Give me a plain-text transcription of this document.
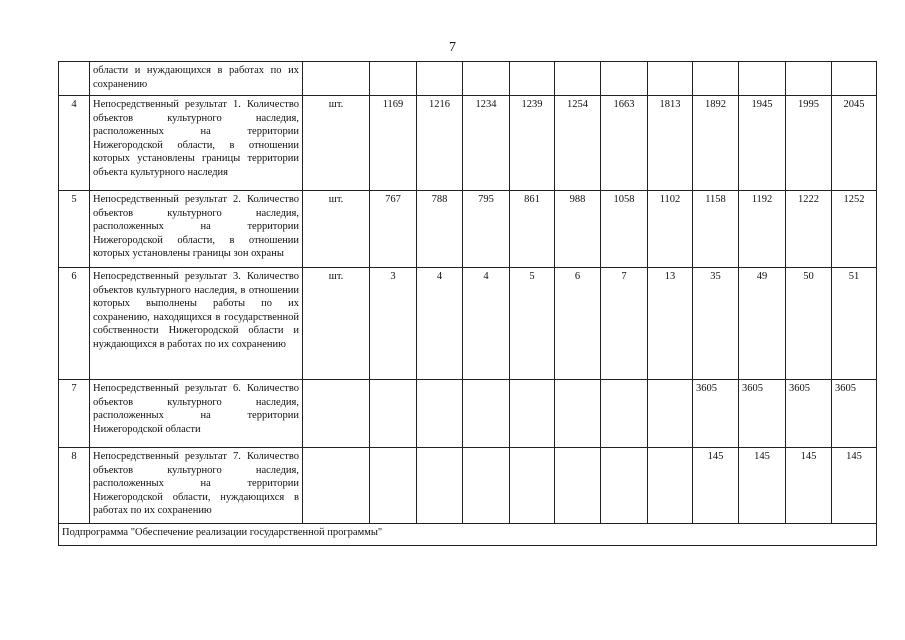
7
	области и нуждающихся в работах по их сохранению												
4	Непосредственный результат 1. Количество объектов культурного наследия, расположенных на территории Нижегородской области, в отношении которых установлены границы территории объекта культурного наследия	шт.	1169	1216	1234	1239	1254	1663	1813	1892	1945	1995	2045
5	Непосредственный результат 2. Количество объектов культурного наследия, расположенных на территории Нижегородской области, в отношении которых установлены границы зон охраны	шт.	767	788	795	861	988	1058	1102	1158	1192	1222	1252
6	Непосредственный результат 3. Количество объектов культурного наследия, в отношении которых выполнены работы по их сохранению, находящихся в государственной собственности Нижегородской области и нуждающихся в работах по их сохранению	шт.	3	4	4	5	6	7	13	35	49	50	51
7	Непосредственный результат 6. Количество объектов культурного наследия, расположенных на территории Нижегородской области									3605	3605	3605	3605
8	Непосредственный результат 7. Количество объектов культурного наследия, расположенных на территории Нижегородской области, нуждающихся в работах по их сохранению									145	145	145	145
Подпрограмма "Обеспечение реализации государственной программы"													
